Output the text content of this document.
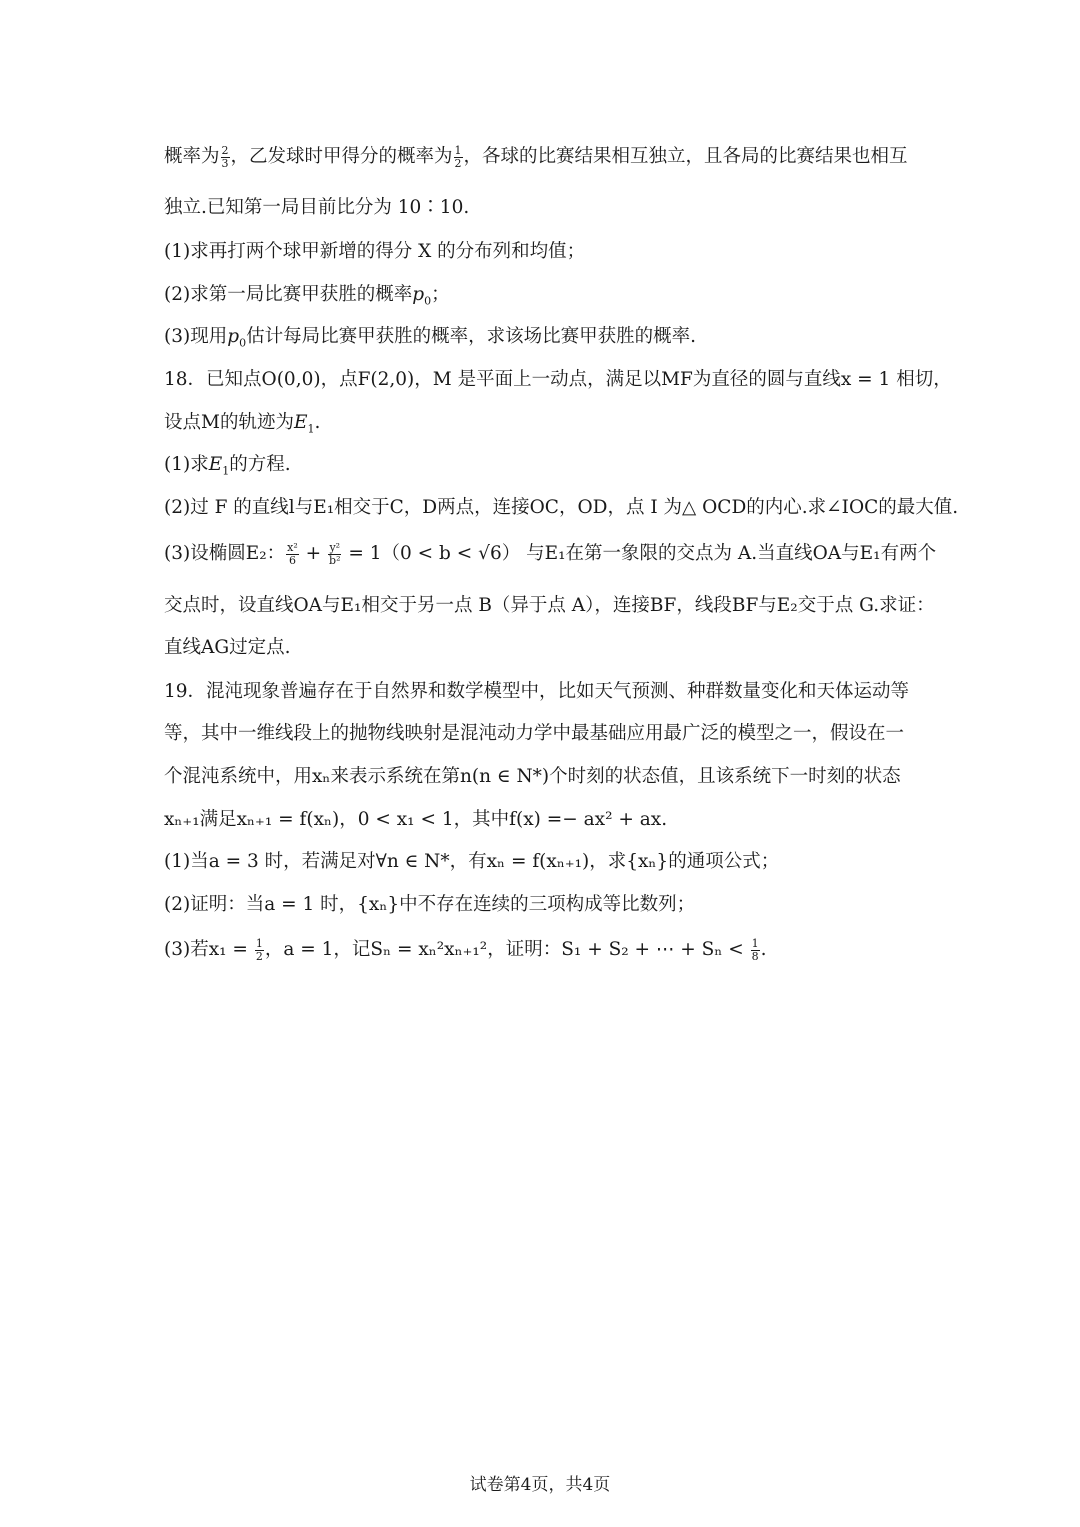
概率为 $\frac{2}{3}$ ，乙发球时甲得分的概率为 $\frac{1}{2}$ ，各球的比赛结果相互独立，且各局的比赛结果也相互
独立.已知第一局目前比分为 10∶10.
(1)求再打两个球甲新增的得分 X 的分布列和均值；
(2)求第一局比赛甲获胜的概率$p_0$；
(3)现用$p_0$估计每局比赛甲获胜的概率，求该场比赛甲获胜的概率.
18．已知点O(0,0)，点F(2,0)，M 是平面上一动点，满足以MF为直径的圆与直线x = 1 相切，
设点M的轨迹为$E_1$.
(1)求$E_1$的方程.
(2)过 F 的直线l与E₁相交于C，D两点，连接OC，OD，点 I 为△ OCD的内心.求∠IOC的最大值.
(3)设椭圆E₂： $\frac{\text{x²}}{6} + \frac{\text{y²}}{\text{b²}} = 1(0 < b < √6)$ 与E₁在第一象限的交点为 A.当直线OA与E₁有两个
交点时，设直线OA与E₁相交于另一点 B（异于点 A），连接BF，线段BF与E₂交于点 G.求证：
直线AG过定点.
19．混沌现象普遍存在于自然界和数学模型中，比如天气预测、种群数量变化和天体运动等
等，其中一维线段上的抛物线映射是混沌动力学中最基础应用最广泛的模型之一，假设在一
个混沌系统中，用xₙ来表示系统在第n(n ∈ N*)个时刻的状态值，且该系统下一时刻的状态
xₙ₊₁满足xₙ₊₁ = f(xₙ)，0 < x₁ < 1，其中f(x) =− ax² + ax.
(1)当a = 3 时，若满足对∀n ∈ N*，有xₙ = f(xₙ₊₁)，求{xₙ}的通项公式；
(2)证明：当a = 1 时，{xₙ}中不存在连续的三项构成等比数列；
(3)若$x_1 = \frac{1}{2}$ ，a = 1，记Sₙ = xₙ²xₙ₊₁²，证明：S₁ + S₂ + ⋯ + $S_n < \frac{1}{8}$ .
试卷第4页，共4页
